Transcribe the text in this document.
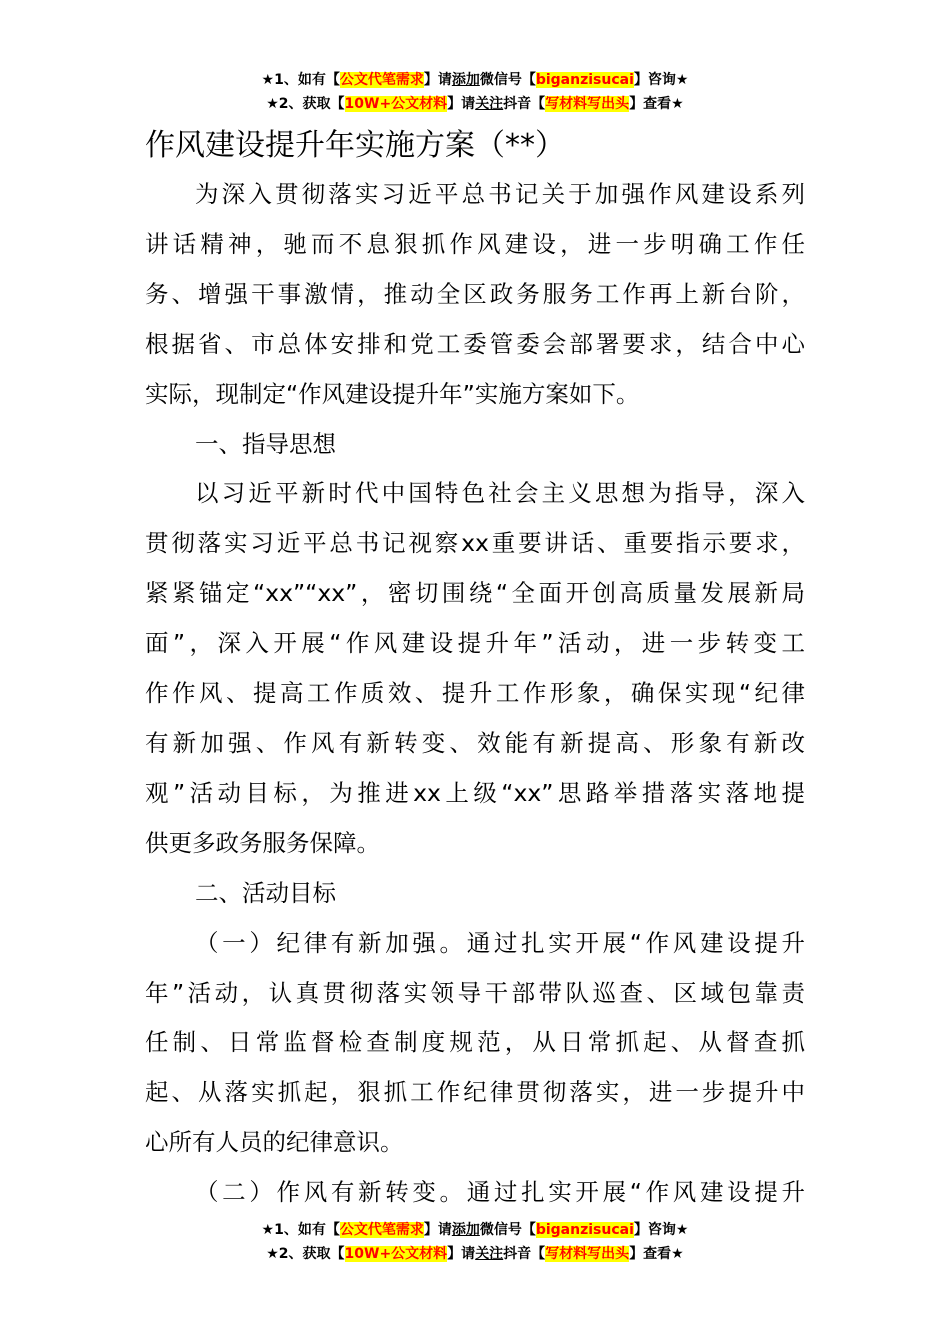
★1、如有【公文代笔需求】请添加微信号【biganzisucai】咨询★
★2、获取【10W+公文材料】请关注抖音【写材料写出头】查看★
作风建设提升年实施方案（**）
为深入贯彻落实习近平总书记关于加强作风建设系列
讲话精神，驰而不息狠抓作风建设，进一步明确工作任
务、增强干事激情，推动全区政务服务工作再上新台阶，
根据省、市总体安排和党工委管委会部署要求，结合中心
实际，现制定“作风建设提升年”实施方案如下。
一、指导思想
以习近平新时代中国特色社会主义思想为指导，深入
贯彻落实习近平总书记视察xx重要讲话、重要指示要求，
紧紧锚定“xx”“xx”，密切围绕“全面开创高质量发展新局
面”，深入开展“作风建设提升年”活动，进一步转变工
作作风、提高工作质效、提升工作形象，确保实现“纪律
有新加强、作风有新转变、效能有新提高、形象有新改
观”活动目标，为推进xx上级“xx”思路举措落实落地提
供更多政务服务保障。
二、活动目标
（一）纪律有新加强。通过扎实开展“作风建设提升
年”活动，认真贯彻落实领导干部带队巡查、区域包靠责
任制、日常监督检查制度规范，从日常抓起、从督查抓
起、从落实抓起，狠抓工作纪律贯彻落实，进一步提升中
心所有人员的纪律意识。
（二）作风有新转变。通过扎实开展“作风建设提升
★1、如有【公文代笔需求】请添加微信号【biganzisucai】咨询★
★2、获取【10W+公文材料】请关注抖音【写材料写出头】查看★
